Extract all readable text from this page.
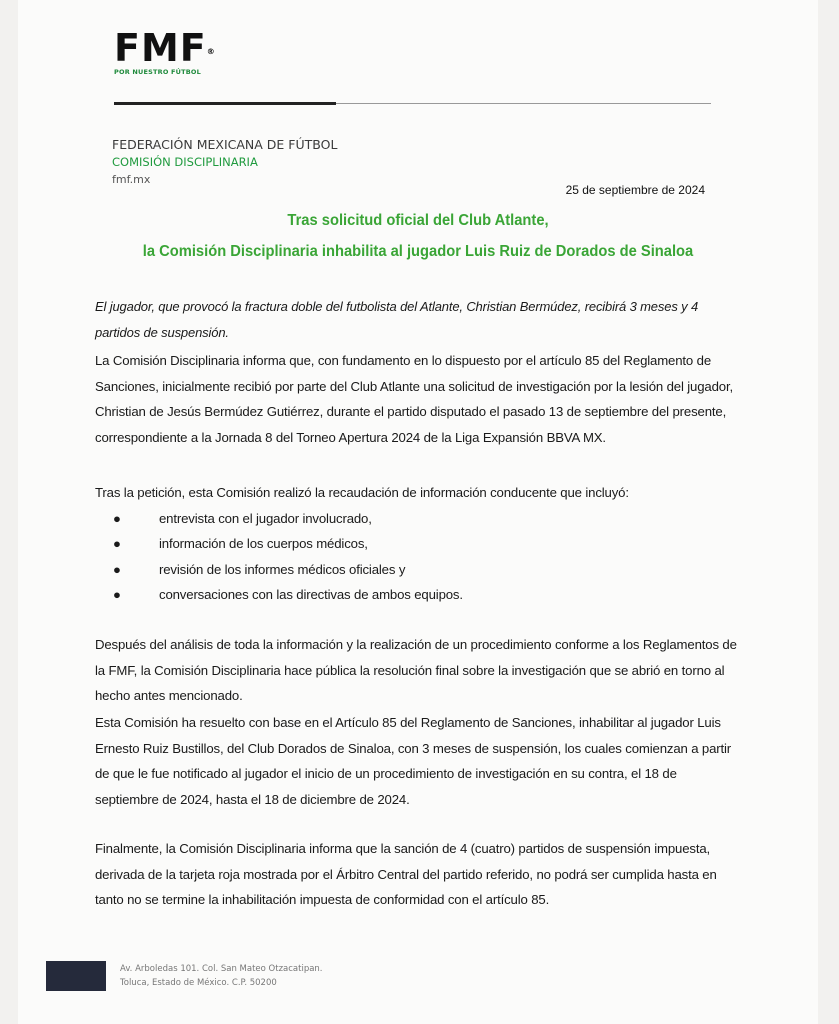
FMF®
POR NUESTRO FÚTBOL
FEDERACIÓN MEXICANA DE FÚTBOL
COMISIÓN DISCIPLINARIA
fmf.mx
25 de septiembre de 2024
Tras solicitud oficial del Club Atlante,
la Comisión Disciplinaria inhabilita al jugador Luis Ruiz de Dorados de Sinaloa
El jugador, que provocó la fractura doble del futbolista del Atlante, Christian Bermúdez, recibirá 3 meses y 4 partidos de suspensión.
La Comisión Disciplinaria informa que, con fundamento en lo dispuesto por el artículo 85 del Reglamento de Sanciones, inicialmente recibió por parte del Club Atlante una solicitud de investigación por la lesión del jugador, Christian de Jesús Bermúdez Gutiérrez, durante el partido disputado el pasado 13 de septiembre del presente, correspondiente a la Jornada 8 del Torneo Apertura 2024 de la Liga Expansión BBVA MX.
Tras la petición, esta Comisión realizó la recaudación de información conducente que incluyó:
●	entrevista con el jugador involucrado,
●	información de los cuerpos médicos,
●	revisión de los informes médicos oficiales y
●	conversaciones con las directivas de ambos equipos.
Después del análisis de toda la información y la realización de un procedimiento conforme a los Reglamentos de la FMF, la Comisión Disciplinaria hace pública la resolución final sobre la investigación que se abrió en torno al hecho antes mencionado.
Esta Comisión ha resuelto con base en el Artículo 85 del Reglamento de Sanciones, inhabilitar al jugador Luis Ernesto Ruiz Bustillos, del Club Dorados de Sinaloa, con 3 meses de suspensión, los cuales comienzan a partir de que le fue notificado al jugador el inicio de un procedimiento de investigación en su contra, el 18 de septiembre de 2024, hasta el 18 de diciembre de 2024.
Finalmente, la Comisión Disciplinaria informa que la sanción de 4 (cuatro) partidos de suspensión impuesta, derivada de la tarjeta roja mostrada por el Árbitro Central del partido referido, no podrá ser cumplida hasta en tanto no se termine la inhabilitación impuesta de conformidad con el artículo 85.
Av. Arboledas 101. Col. San Mateo Otzacatipan.
Toluca, Estado de México. C.P. 50200
